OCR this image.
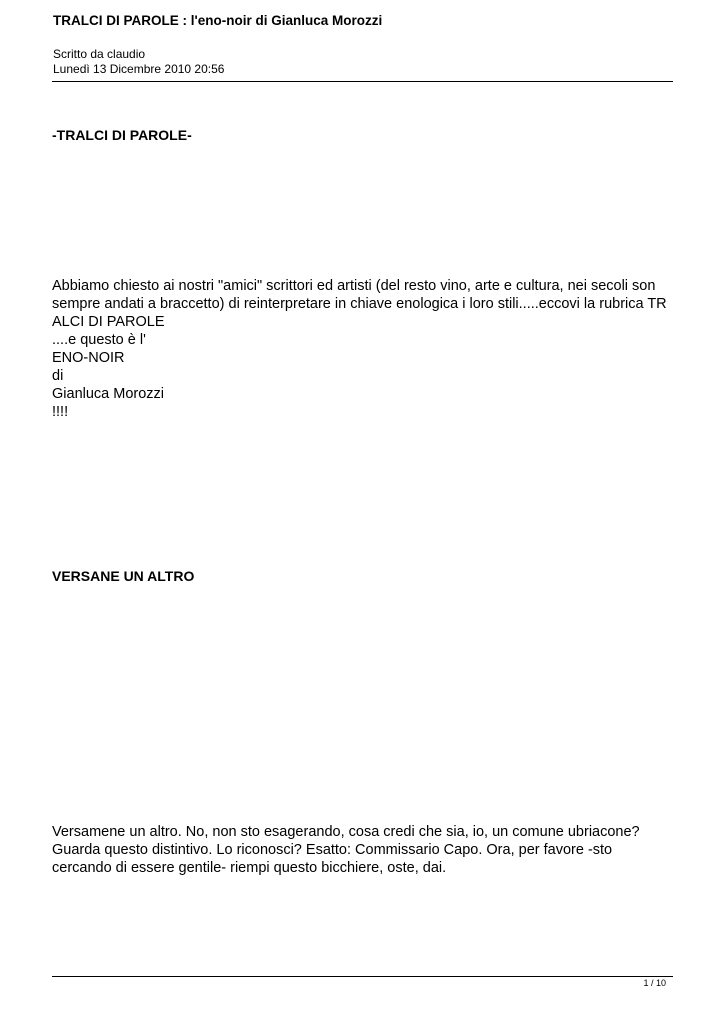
TRALCI DI PAROLE : l'eno-noir di Gianluca Morozzi
Scritto da claudio
Lunedì 13 Dicembre 2010 20:56
-TRALCI DI PAROLE-
Abbiamo chiesto ai nostri "amici" scrittori ed artisti (del resto vino, arte e cultura, nei secoli son
sempre andati a braccetto) di reinterpretare in chiave enologica i loro stili.....eccovi la rubrica TR
ALCI DI PAROLE
....e questo è l'
ENO-NOIR
di
Gianluca Morozzi
!!!!
VERSANE UN ALTRO
Versamene un altro. No, non sto esagerando, cosa credi che sia, io, un comune ubriacone?
Guarda questo distintivo. Lo riconosci? Esatto: Commissario Capo. Ora, per favore -sto
cercando di essere gentile- riempi questo bicchiere, oste, dai.
1 / 10
